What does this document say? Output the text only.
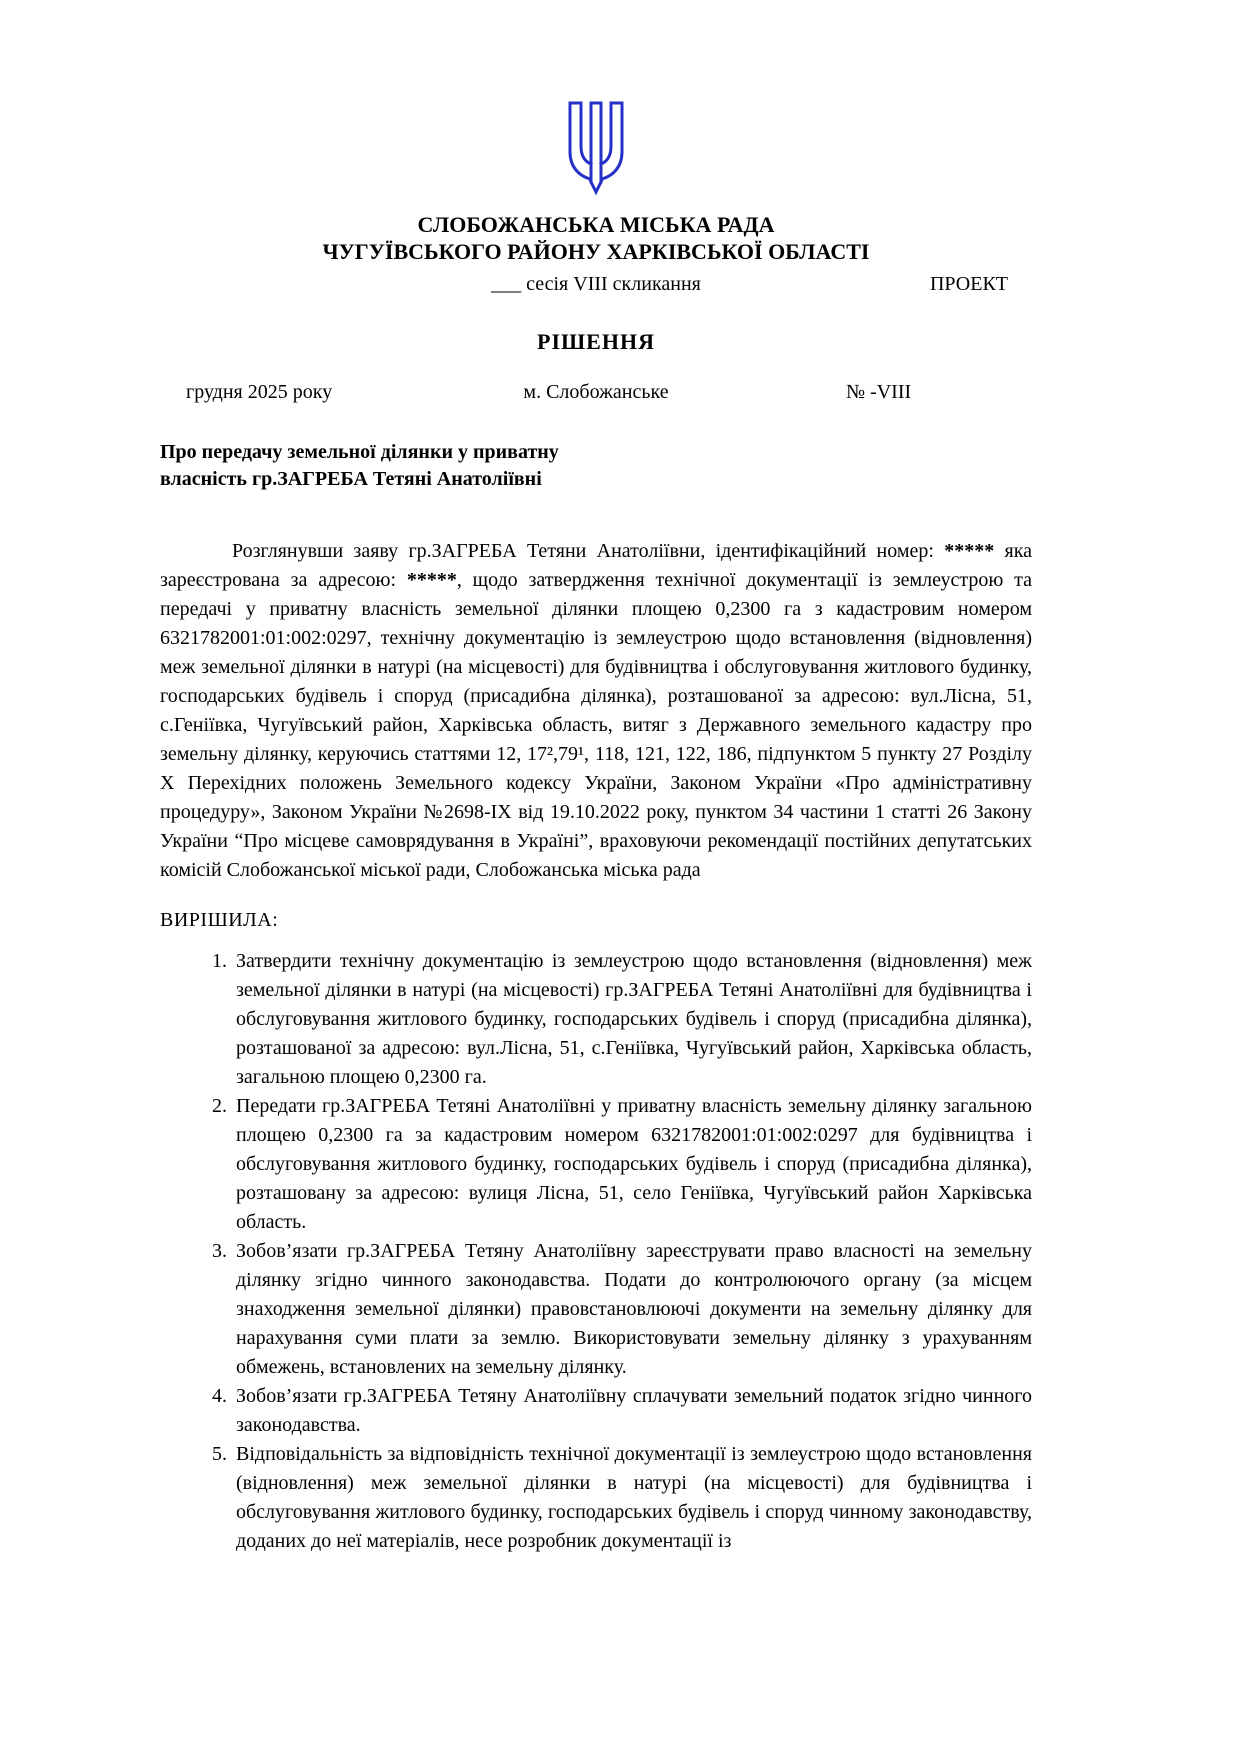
СЛОБОЖАНСЬКА МІСЬКА РАДА
ЧУГУЇВСЬКОГО РАЙОНУ ХАРКІВСЬКОЇ ОБЛАСТІ
___ сесія VIII скликання	ПРОЕКТ
РІШЕННЯ
грудня 2025 року	м. Слобожанське	№ -VIII
Про передачу земельної ділянки у приватну
власність гр.ЗАГРЕБА Тетяні Анатоліївні

Розглянувши заяву гр.ЗАГРЕБА Тетяни Анатоліївни, ідентифікаційний номер: ***** яка зареєстрована за адресою: *****, щодо затвердження технічної документації із землеустрою та передачі у приватну власність земельної ділянки площею 0,2300 га з кадастровим номером 6321782001:01:002:0297, технічну документацію із землеустрою щодо встановлення (відновлення) меж земельної ділянки в натурі (на місцевості) для будівництва і обслуговування житлового будинку, господарських будівель і споруд (присадибна ділянка), розташованої за адресою: вул.Лісна, 51, с.Геніївка, Чугуївський район, Харківська область, витяг з Державного земельного кадастру про земельну ділянку, керуючись статтями 12, 17²,79¹, 118, 121, 122, 186, підпунктом 5 пункту 27 Розділу X Перехідних положень Земельного кодексу України, Законом України «Про адміністративну процедуру», Законом України №2698-ІХ від 19.10.2022 року, пунктом 34 частини 1 статті 26 Закону України “Про місцеве самоврядування в Україні”, враховуючи рекомендації постійних депутатських комісій Слобожанської міської ради, Слобожанська міська рада

ВИРІШИЛА:
1. Затвердити технічну документацію із землеустрою щодо встановлення (відновлення) меж земельної ділянки в натурі (на місцевості) гр.ЗАГРЕБА Тетяні Анатоліївні для будівництва і обслуговування житлового будинку, господарських будівель і споруд (присадибна ділянка), розташованої за адресою: вул.Лісна, 51, с.Геніївка, Чугуївський район, Харківська область, загальною площею 0,2300 га.
2. Передати гр.ЗАГРЕБА Тетяні Анатоліївні у приватну власність земельну ділянку загальною площею 0,2300 га за кадастровим номером 6321782001:01:002:0297 для будівництва і обслуговування житлового будинку, господарських будівель і споруд (присадибна ділянка), розташовану за адресою: вулиця Лісна, 51, село Геніївка, Чугуївський район Харківська область.
3. Зобов’язати гр.ЗАГРЕБА Тетяну Анатоліївну зареєструвати право власності на земельну ділянку згідно чинного законодавства. Подати до контролюючого органу (за місцем знаходження земельної ділянки) правовстановлюючі документи на земельну ділянку для нарахування суми плати за землю. Використовувати земельну ділянку з урахуванням обмежень, встановлених на земельну ділянку.
4. Зобов’язати гр.ЗАГРЕБА Тетяну Анатоліївну сплачувати земельний податок згідно чинного законодавства.
5. Відповідальність за відповідність технічної документації із землеустрою щодо встановлення (відновлення) меж земельної ділянки в натурі (на місцевості) для будівництва і обслуговування житлового будинку, господарських будівель і споруд чинному законодавству, доданих до неї матеріалів, несе розробник документації із
